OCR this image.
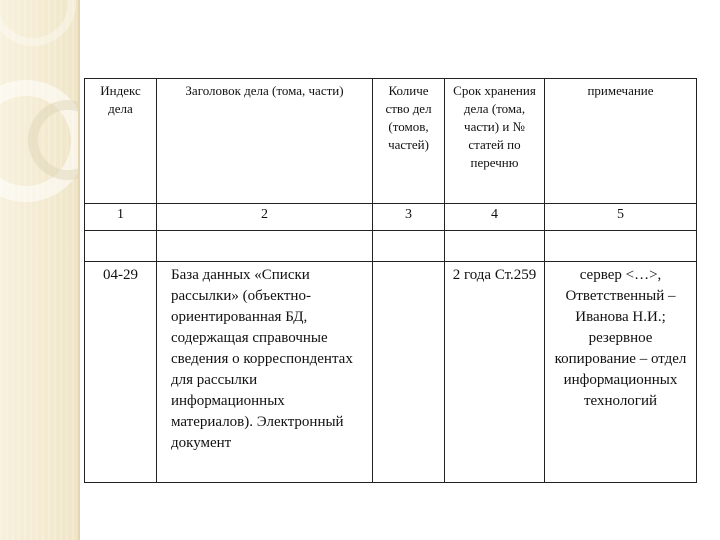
Индекс дела	Заголовок дела (тома, части)	Количе ство дел (томов, частей)	Срок хранения дела (тома, части) и № статей по перечню	примечание

1	2	3	4	5

04-29	База данных «Списки рассылки» (объектно-ориентированная БД, содержащая справочные сведения о корреспондентах для рассылки информационных материалов). Электронный документ		2 года Ст.259	сервер <…>, Ответственный – Иванова Н.И.; резервное копирование – отдел информационных технологий
